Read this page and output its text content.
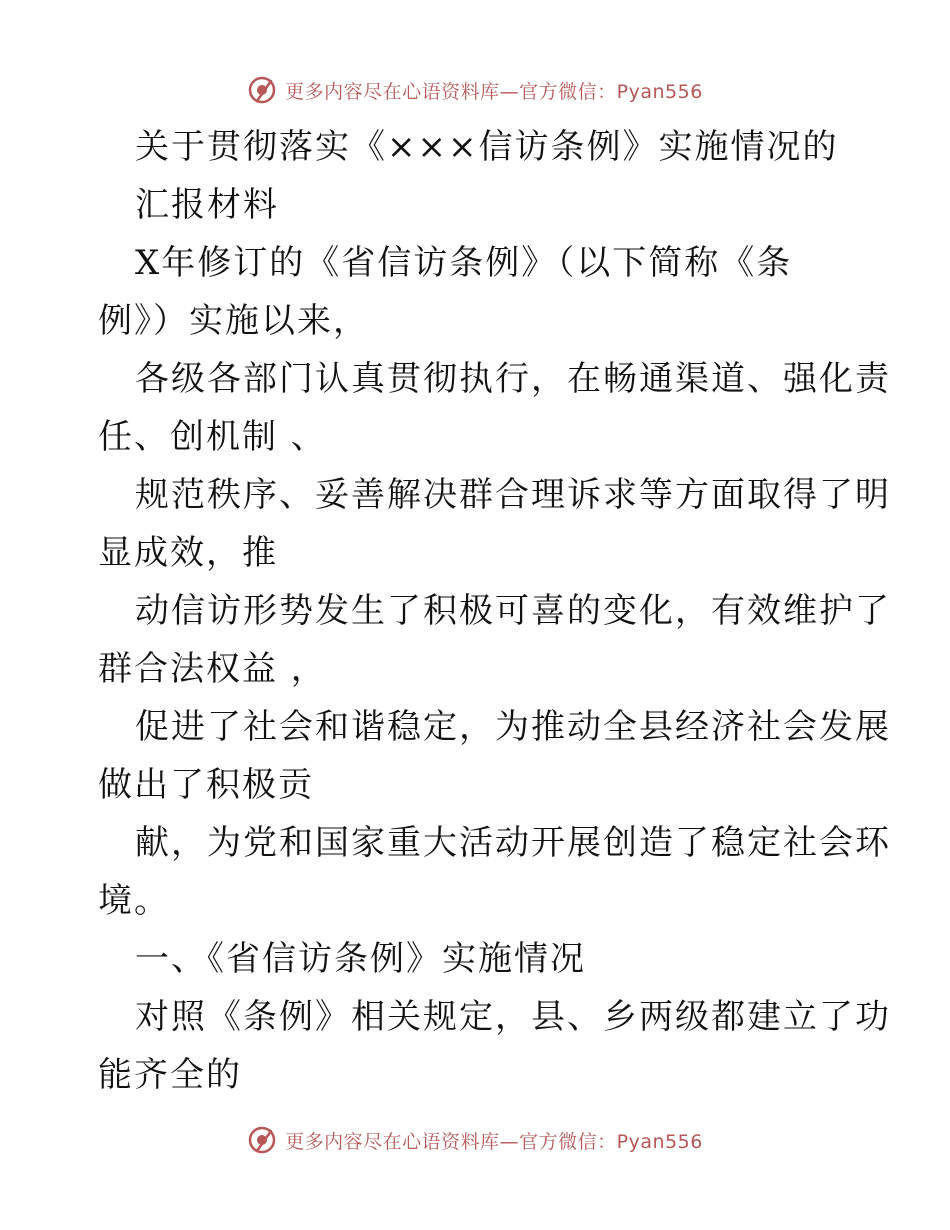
更多内容尽在心语资料库—官方微信：Pyan556
关于贯彻落实《×××信访条例》实施情况的
汇报材料
X年修订的《省信访条例》（以下简称《条
例》）实施以来，
各级各部门认真贯彻执行，在畅通渠道、强化责
任、创机制 、
规范秩序、妥善解决群合理诉求等方面取得了明
显成效，推
动信访形势发生了积极可喜的变化，有效维护了
群合法权益 ，
促进了社会和谐稳定，为推动全县经济社会发展
做出了积极贡
献，为党和国家重大活动开展创造了稳定社会环
境。
一、《省信访条例》实施情况
对照《条例》相关规定，县、乡两级都建立了功
能齐全的
更多内容尽在心语资料库—官方微信：Pyan556
